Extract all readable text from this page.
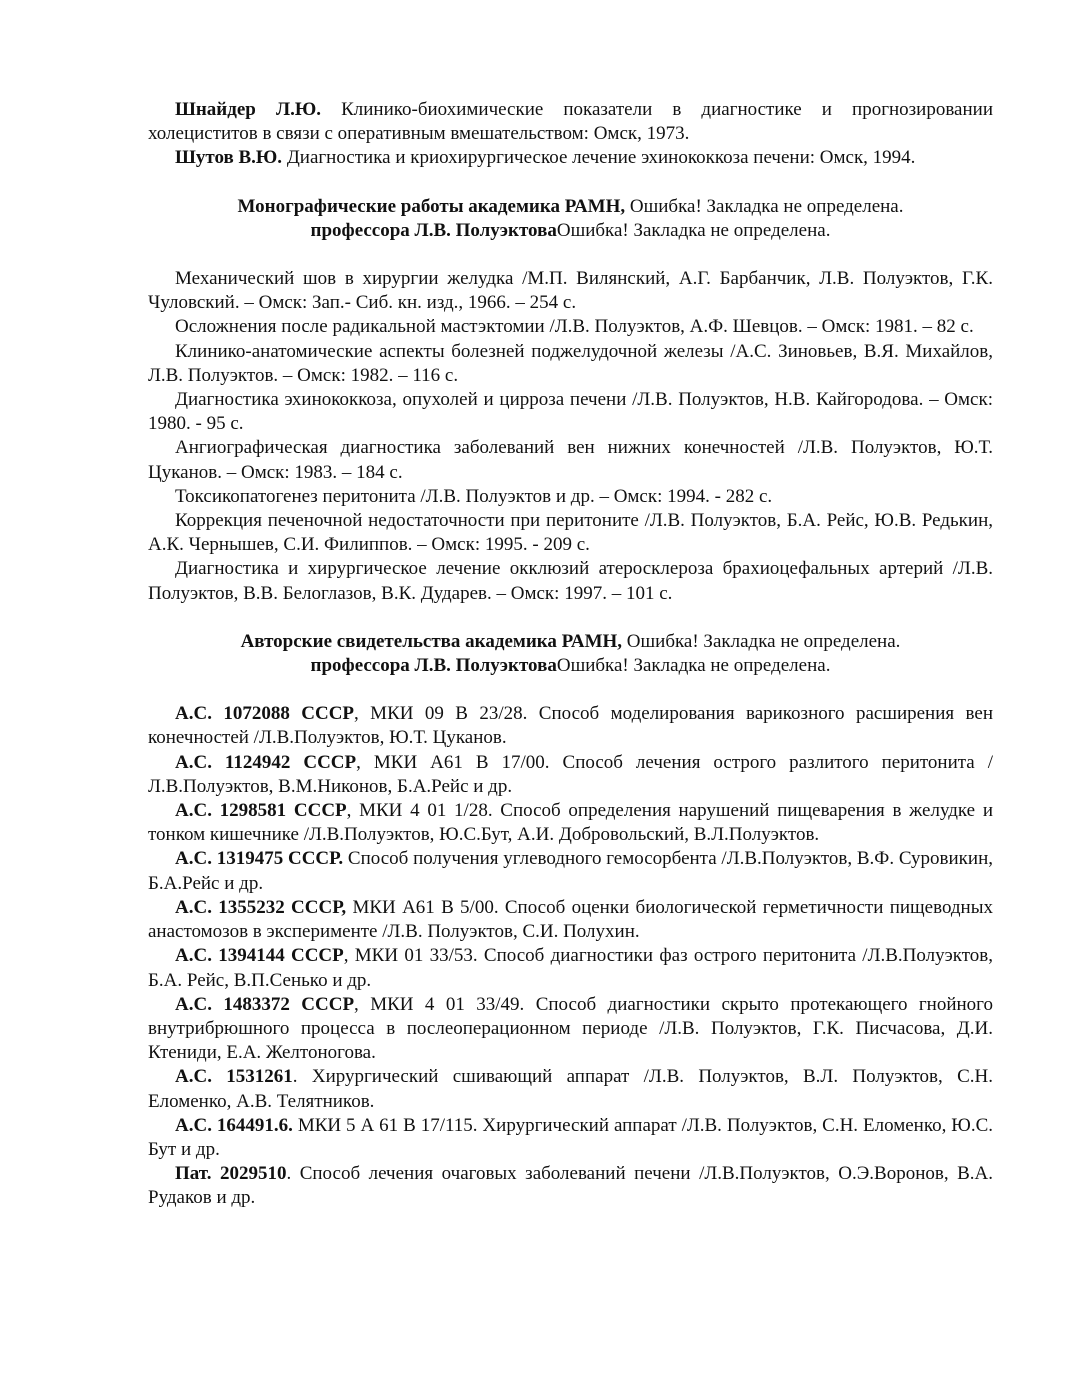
Шнайдер Л.Ю. Клинико-биохимические показатели в диагностике и прогнозировании холециститов в связи с оперативным вмешательством: Омск, 1973.

Шутов В.Ю. Диагностика и криохирургическое лечение эхинококкоза печени: Омск, 1994.

Монографические работы академика РАМН, Ошибка! Закладка не определена.

профессора Л.В. ПолуэктоваОшибка! Закладка не определена.

Механический шов в хирургии желудка /М.П. Вилянский, А.Г. Барбанчик, Л.В. Полуэктов, Г.К. Чуловский. – Омск: Зап.- Сиб. кн. изд., 1966. – 254 с.

Осложнения после радикальной мастэктомии /Л.В. Полуэктов, А.Ф. Шевцов. – Омск: 1981. – 82 с.

Клинико-анатомические аспекты болезней поджелудочной железы /А.С. Зиновьев, В.Я. Михайлов, Л.В. Полуэктов. – Омск: 1982. – 116 с.

Диагностика эхинококкоза, опухолей и цирроза печени /Л.В. Полуэктов, Н.В. Кайгородова. – Омск: 1980. - 95 с.

Ангиографическая диагностика заболеваний вен нижних конечностей /Л.В. Полуэктов, Ю.Т. Цуканов. – Омск: 1983. – 184 с.

Токсикопатогенез перитонита /Л.В. Полуэктов и др. – Омск: 1994. - 282 с.

Коррекция печеночной недостаточности при перитоните /Л.В. Полуэктов, Б.А. Рейс, Ю.В. Редькин, А.К. Чернышев, С.И. Филиппов. – Омск: 1995. - 209 с.

Диагностика и хирургическое лечение окклюзий атеросклероза брахиоцефальных артерий /Л.В. Полуэктов, В.В. Белоглазов, В.К. Дударев. – Омск: 1997. – 101 с.

Авторские свидетельства академика РАМН, Ошибка! Закладка не определена.

профессора Л.В. ПолуэктоваОшибка! Закладка не определена.

А.С. 1072088 СССР, МКИ 09 В 23/28. Способ моделирования варикозного расширения вен конечностей /Л.В.Полуэктов, Ю.Т. Цуканов.

А.С. 1124942 СССР, МКИ А61 В 17/00. Способ лечения острого разлитого перитонита /Л.В.Полуэктов, В.М.Никонов, Б.А.Рейс и др.

А.С. 1298581 СССР, МКИ 4 01 1/28. Способ определения нарушений пищеварения в желудке и тонком кишечнике /Л.В.Полуэктов, Ю.С.Бут, А.И. Добровольский, В.Л.Полуэктов.

А.С. 1319475 СССР. Способ получения углеводного гемосорбента /Л.В.Полуэктов, В.Ф. Суровикин, Б.А.Рейс и др.

А.С. 1355232 СССР, МКИ А61 В 5/00. Способ оценки биологической герметичности пищеводных анастомозов в эксперименте /Л.В. Полуэктов, С.И. Полухин.

А.С. 1394144 СССР, МКИ 01 33/53. Способ диагностики фаз острого перитонита /Л.В.Полуэктов, Б.А. Рейс, В.П.Сенько и др.

А.С. 1483372 СССР, МКИ 4 01 33/49. Способ диагностики скрыто протекающего гнойного внутрибрюшного процесса в послеоперационном периоде /Л.В. Полуэктов, Г.К. Писчасова, Д.И. Ктениди, Е.А. Желтоногова.

А.С. 1531261. Хирургический сшивающий аппарат /Л.В. Полуэктов, В.Л. Полуэктов, С.Н. Еломенко, А.В. Телятников.

А.С. 164491.6. МКИ 5 А 61 В 17/115. Хирургический аппарат /Л.В. Полуэктов, С.Н. Еломенко, Ю.С. Бут и др.

Пат. 2029510. Способ лечения очаговых заболеваний печени /Л.В.Полуэктов, О.Э.Воронов, В.А. Рудаков и др.
